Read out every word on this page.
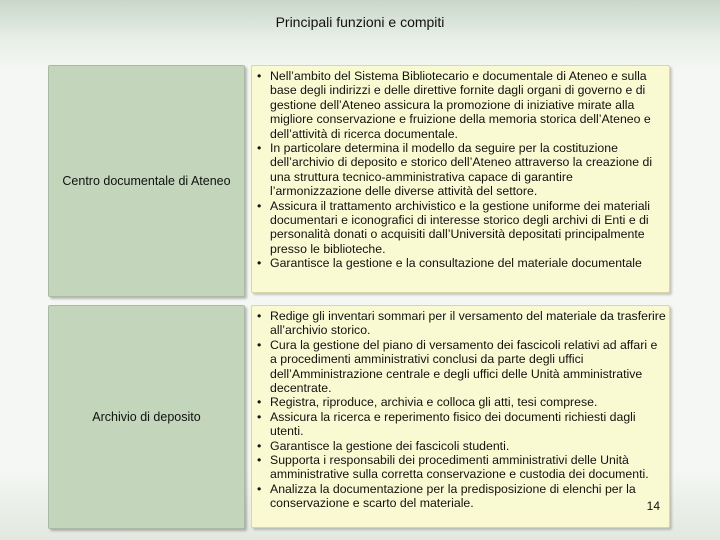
Principali funzioni e compiti
Centro documentale di Ateneo
• Nell’ambito del Sistema Bibliotecario e documentale di Ateneo e sulla base degli indirizzi e delle direttive fornite dagli organi di governo e di gestione dell’Ateneo assicura la promozione di iniziative mirate alla migliore conservazione e fruizione della memoria storica dell’Ateneo e dell’attività di ricerca documentale.
• In particolare determina il modello da seguire per la costituzione dell’archivio di deposito e storico dell’Ateneo attraverso la creazione di una struttura tecnico-amministrativa capace di garantire l’armonizzazione delle diverse attività del settore.
• Assicura il trattamento archivistico e la gestione uniforme dei materiali documentari e iconografici di interesse storico degli archivi di Enti e di personalità donati o acquisiti dall’Università depositati principalmente presso le biblioteche.
• Garantisce la gestione e la consultazione del materiale documentale
Archivio di deposito
• Redige gli inventari sommari per il versamento del materiale da trasferire all’archivio storico.
• Cura la gestione del piano di versamento dei fascicoli relativi ad affari e a procedimenti amministrativi conclusi da parte degli uffici dell’Amministrazione centrale e degli uffici delle Unità amministrative decentrate.
• Registra, riproduce, archivia e colloca gli atti, tesi comprese.
• Assicura la ricerca e reperimento fisico dei documenti richiesti dagli utenti.
• Garantisce la gestione dei fascicoli studenti.
• Supporta i responsabili dei procedimenti amministrativi delle Unità amministrative sulla corretta conservazione e custodia dei documenti.
• Analizza la documentazione per la predisposizione di elenchi per la conservazione e scarto del materiale.	14
